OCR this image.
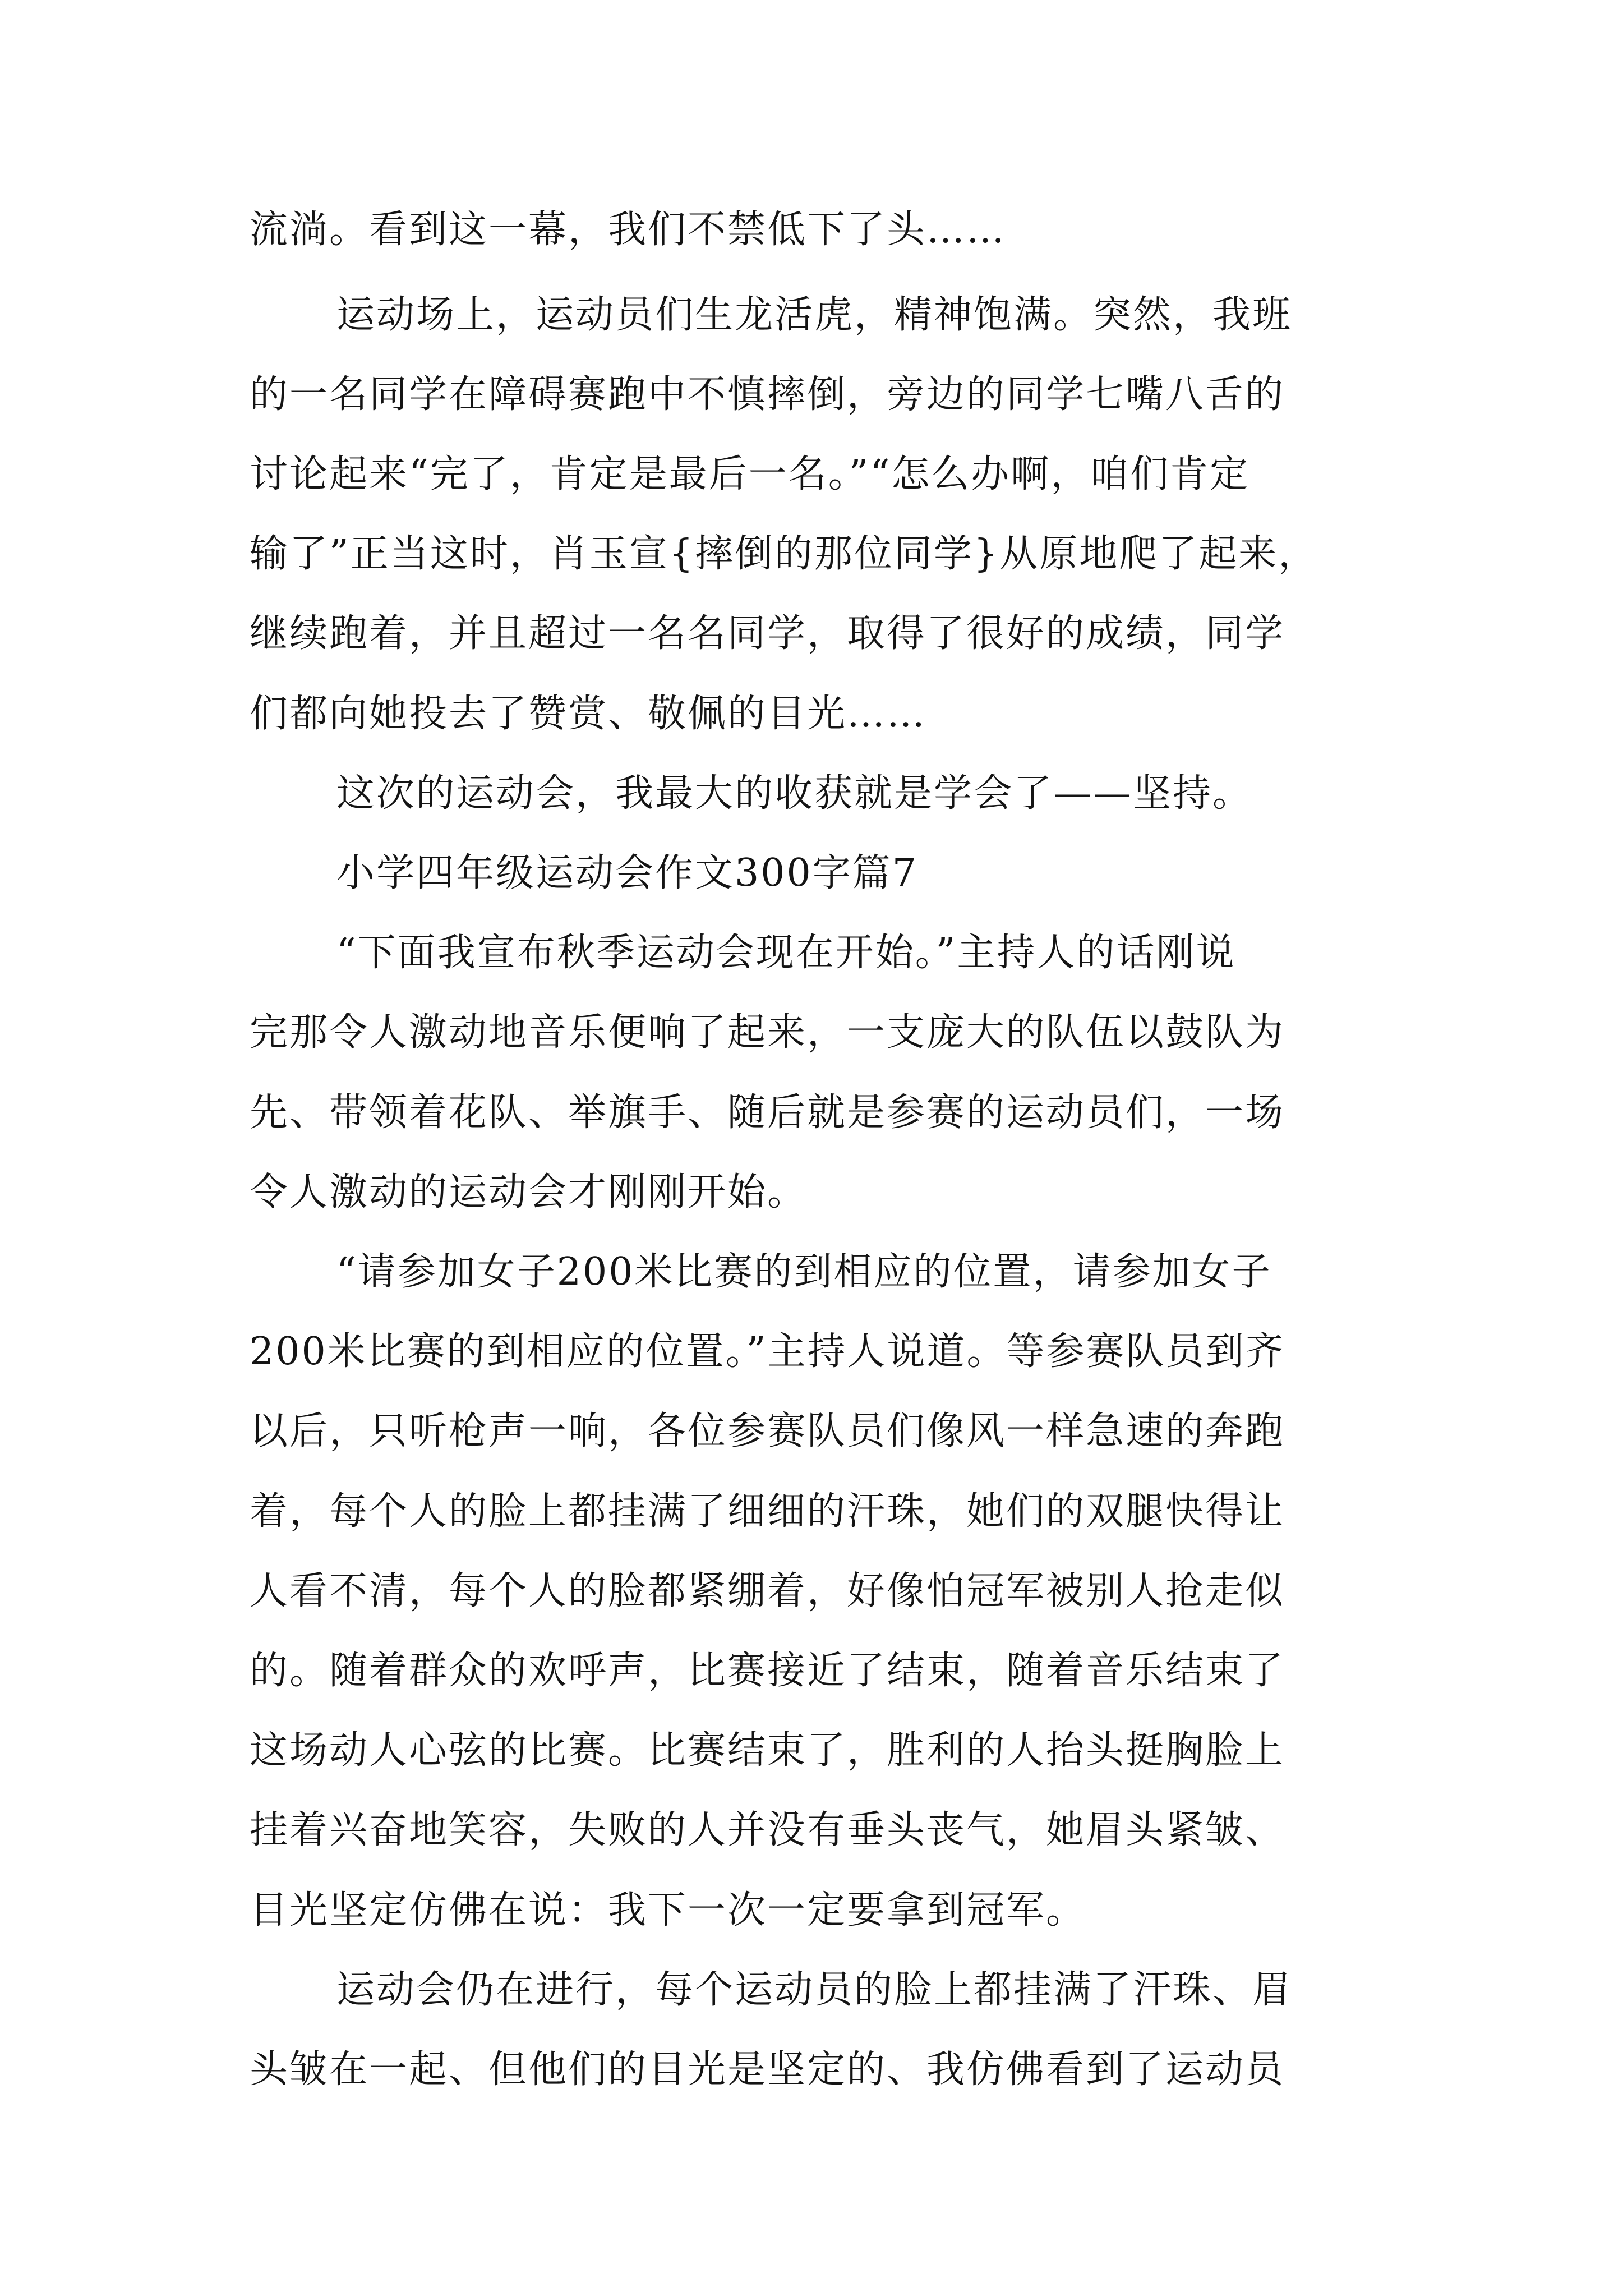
流淌。看到这一幕，我们不禁低下了头……
运动场上，运动员们生龙活虎，精神饱满。突然，我班
的一名同学在障碍赛跑中不慎摔倒，旁边的同学七嘴八舌的
讨论起来“完了，肯定是最后一名。”“怎么办啊，咱们肯定
输了”正当这时，肖玉宣{摔倒的那位同学}从原地爬了起来，
继续跑着，并且超过一名名同学，取得了很好的成绩，同学
们都向她投去了赞赏、敬佩的目光……
这次的运动会，我最大的收获就是学会了——坚持。
小学四年级运动会作文300字篇7
“下面我宣布秋季运动会现在开始。”主持人的话刚说
完那令人激动地音乐便响了起来，一支庞大的队伍以鼓队为
先、带领着花队、举旗手、随后就是参赛的运动员们，一场
令人激动的运动会才刚刚开始。
“请参加女子200米比赛的到相应的位置，请参加女子
200米比赛的到相应的位置。”主持人说道。等参赛队员到齐
以后，只听枪声一响，各位参赛队员们像风一样急速的奔跑
着，每个人的脸上都挂满了细细的汗珠，她们的双腿快得让
人看不清，每个人的脸都紧绷着，好像怕冠军被别人抢走似
的。随着群众的欢呼声，比赛接近了结束，随着音乐结束了
这场动人心弦的比赛。比赛结束了，胜利的人抬头挺胸脸上
挂着兴奋地笑容，失败的人并没有垂头丧气，她眉头紧皱、
目光坚定仿佛在说：我下一次一定要拿到冠军。
运动会仍在进行，每个运动员的脸上都挂满了汗珠、眉
头皱在一起、但他们的目光是坚定的、我仿佛看到了运动员
